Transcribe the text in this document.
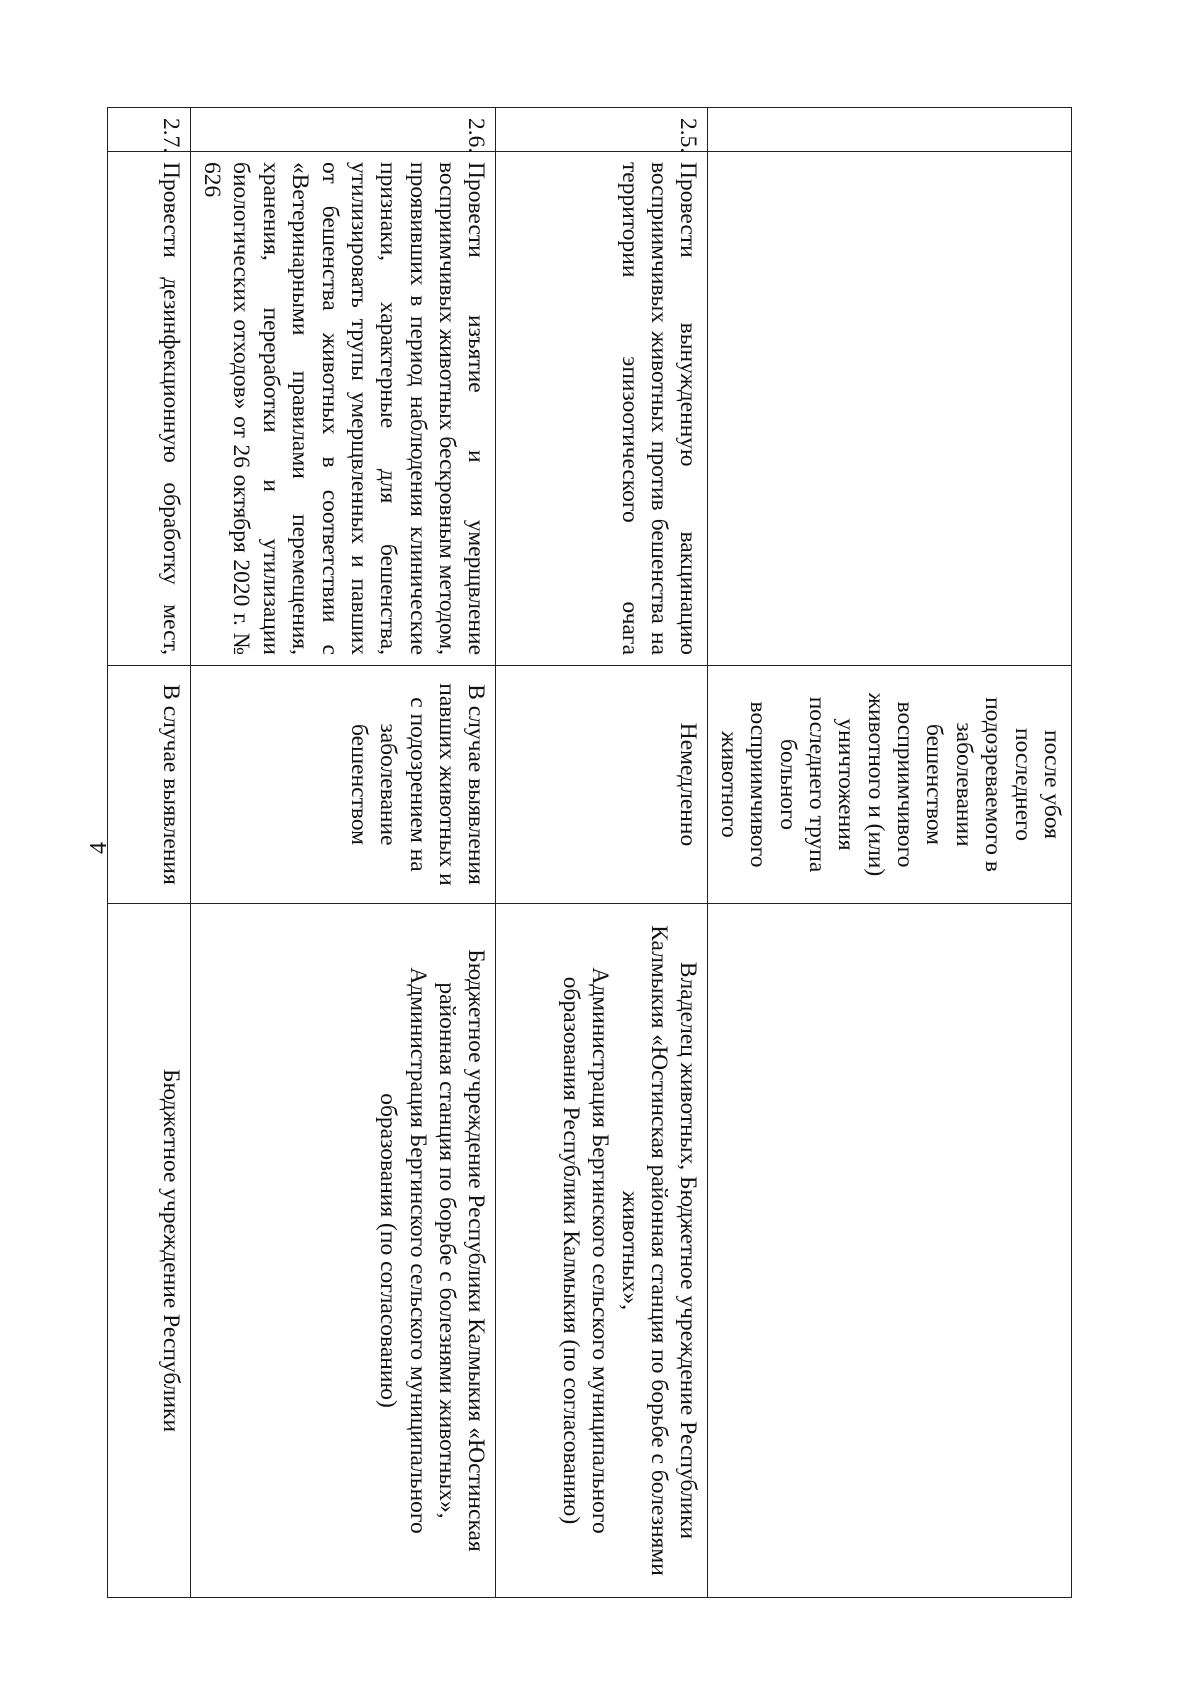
4
		после убоя последнего подозреваемого в заболевании бешенством восприимчивого животного и (или) уничтожения последнего трупа больного восприимчивого животного	
2.5.	Провести вынужденную вакцинацию восприимчивых животных против бешенства на территории эпизоотического очага	Немедленно	Владелец животных, Бюджетное учреждение Республики Калмыкия «Юстинская районная станция по борьбе с болезнями животных»,

Администрация Бергинского сельского муниципального образования Республики Калмыкия (по согласованию)

2.6.	Провести изъятие и умерщвление восприимчивых животных бескровным методом, проявивших в период наблюдения клинические признаки, характерные для бешенства, утилизировать трупы умерщвленных и павших от бешенства животных в соответствии с «Ветеринарными правилами перемещения, хранения, переработки и утилизации биологических отходов» от 26 октября 2020 г. № 626	В случае выявления павших животных и с подозрением на заболевание бешенством	Бюджетное учреждение Республики Калмыкия «Юстинская районная станция по борьбе с болезнями животных»,

Администрация Бергинского сельского муниципального образования (по согласованию)

2.7.	Провести дезинфекционную обработку мест,	В случае выявления	Бюджетное учреждение Республики
